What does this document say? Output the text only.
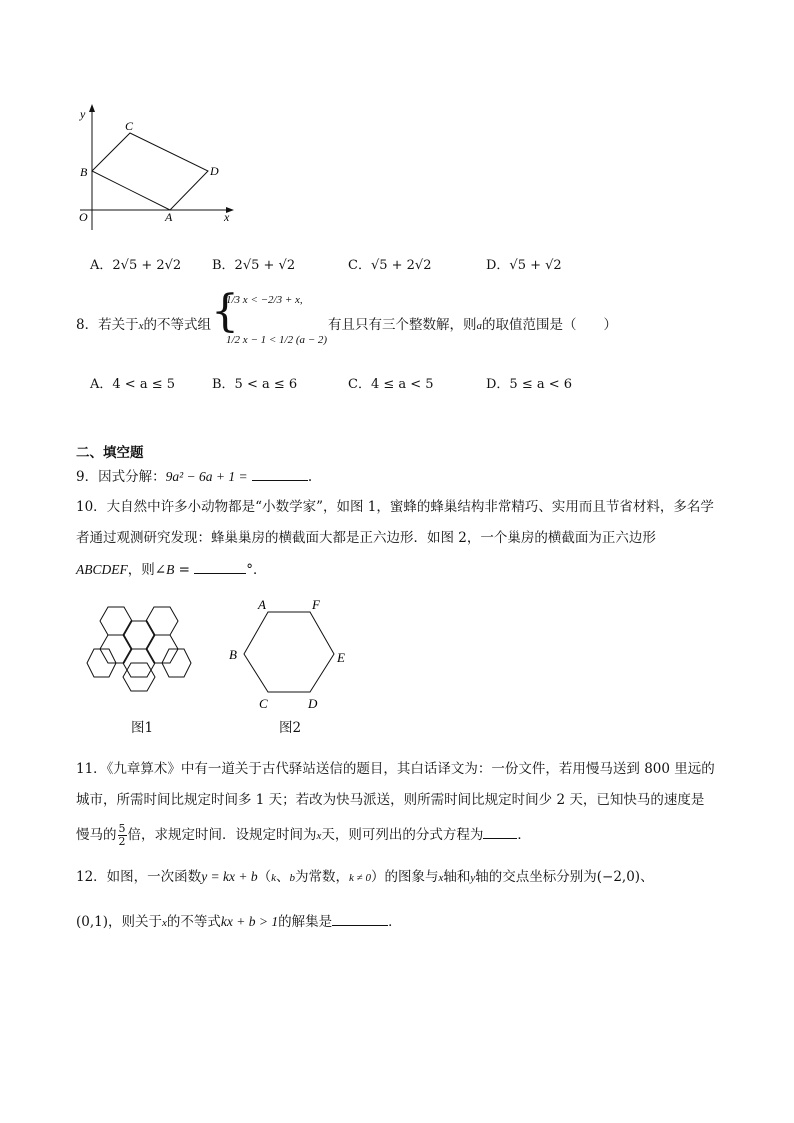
y
x
O	A
B
C
D
A．2√5 + 2√2 B．2√5 + √2	C．√5 + 2√2	D．√5 + √2
8．若关于x的不等式组 {
1/3 x < −2/3 + x,
1/2 x − 1 < 1/2 (a − 2)
有且只有三个整数解，则a的取值范围是（　　）
A．4 < a ≤ 5	B．5 < a ≤ 6	C．4 ≤ a < 5	D．5 ≤ a < 6
二、填空题
9．因式分解：9a² − 6a + 1 =	.
10．大自然中许多小动物都是“小数学家”，如图 1，蜜蜂的蜂巢结构非常精巧、实用而且节省材料，多名学
者通过观测研究发现：蜂巢巢房的横截面大都是正六边形．如图 2，一个巢房的横截面为正六边形
ABCDEF，则∠B =	°．
图1
A	F
B	E
C	D
图2
11．《九章算术》中有一道关于古代驿站送信的题目，其白话译文为：一份文件，若用慢马送到 800 里远的
城市，所需时间比规定时间多 1 天；若改为快马派送，则所需时间比规定时间少 2 天，已知快马的速度是
慢马的 $\frac{5}{2}$ 倍，求规定时间．设规定时间为x天，则可列出的分式方程为	．
12．如图，一次函数y = kx + b（k、b为常数，k ≠ 0）的图象与x轴和y轴的交点坐标分别为(−2,0)、
(0,1)，则关于x的不等式kx + b > 1的解集是	．
